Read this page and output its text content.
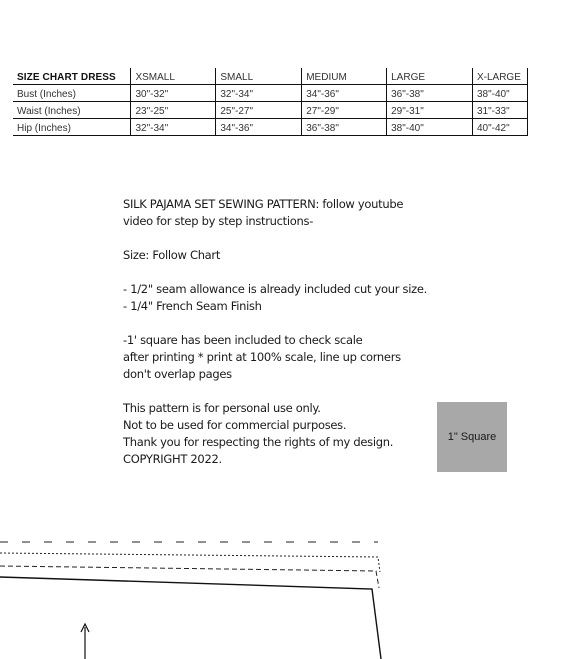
SIZE CHART DRESS	XSMALL	SMALL	MEDIUM	LARGE	X-LARGE
Bust (Inches)	30"-32"	32"-34"	34"-36"	36"-38"	38"-40"
Waist (Inches)	23"-25"	25"-27"	27"-29"	29"-31"	31"-33"
Hip (Inches)	32"-34"	34"-36"	36"-38"	38"-40"	40"-42"

SILK PAJAMA SET SEWING PATTERN: follow youtube
video for step by step instructions-

Size: Follow Chart

- 1/2" seam allowance is already included cut your size.
- 1/4" French Seam Finish

-1' square has been included to check scale
after printing * print at 100% scale, line up corners
don't overlap pages

This pattern is for personal use only.
Not to be used for commercial purposes.
Thank you for respecting the rights of my design.
COPYRIGHT 2022.

1" Square
